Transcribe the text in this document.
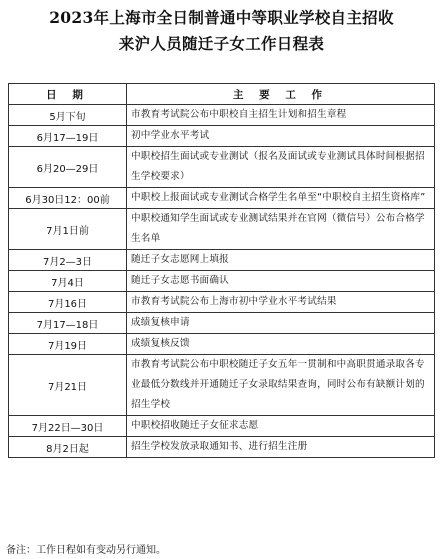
2023年上海市全日制普通中等职业学校自主招收
来沪人员随迁子女工作日程表
日 期	主 要 工 作
5月下旬	市教育考试院公布中职校自主招生计划和招生章程
6月17—19日	初中学业水平考试
6月20—29日	中职校招生面试或专业测试（报名及面试或专业测试具体时间根据招生学校要求）
6月30日12：00前	中职校上报面试或专业测试合格学生名单至“中职校自主招生资格库”
7月1日前	中职校通知学生面试或专业测试结果并在官网（微信号）公布合格学生名单
7月2—3日	随迁子女志愿网上填报
7月4日	随迁子女志愿书面确认
7月16日	市教育考试院公布上海市初中学业水平考试结果
7月17—18日	成绩复核申请
7月19日	成绩复核反馈
7月21日	市教育考试院公布中职校随迁子女五年一贯制和中高职贯通录取各专业最低分数线并开通随迁子女录取结果查询，同时公布有缺额计划的招生学校
7月22日—30日	中职校招收随迁子女征求志愿
8月2日起	招生学校发放录取通知书、进行招生注册
备注：工作日程如有变动另行通知。
